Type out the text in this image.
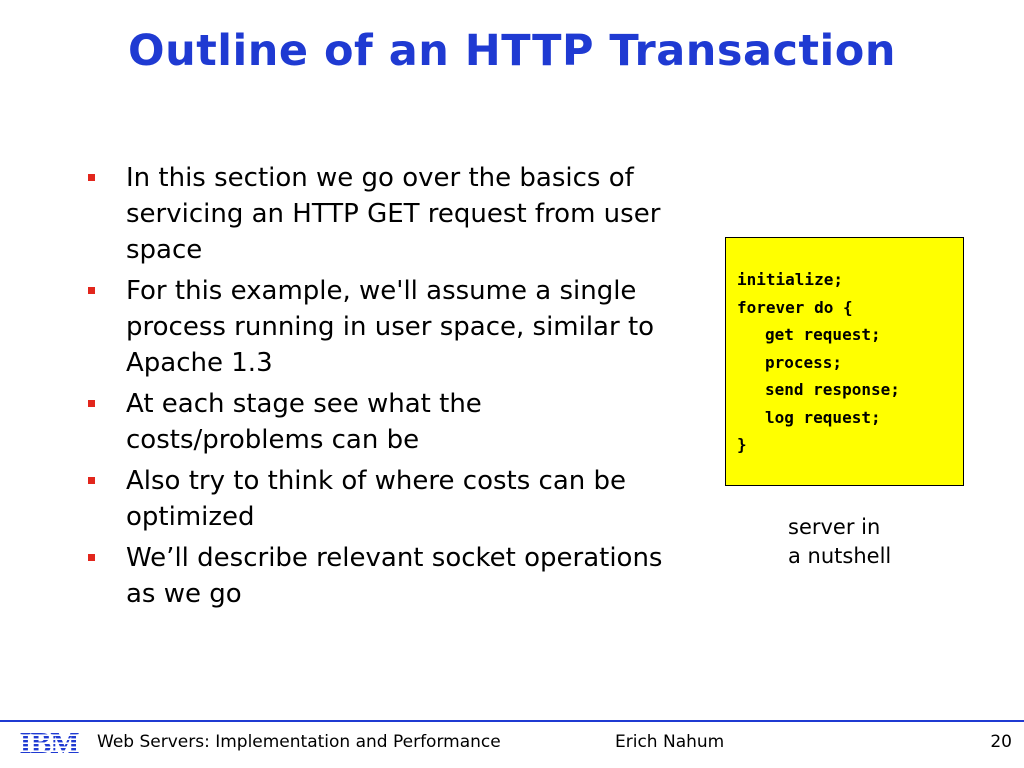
Outline of an HTTP Transaction
In this section we go over the basics of servicing an HTTP GET request from user space
For this example, we'll assume a single process running in user space, similar to Apache 1.3
At each stage see what the costs/problems can be
Also try to think of where costs can be optimized
We’ll describe relevant socket operations as we go
initialize;
forever do {
get request;
process;
send response;
log request;
}
server in
a nutshell
IBM Web Servers: Implementation and Performance	Erich Nahum	20
